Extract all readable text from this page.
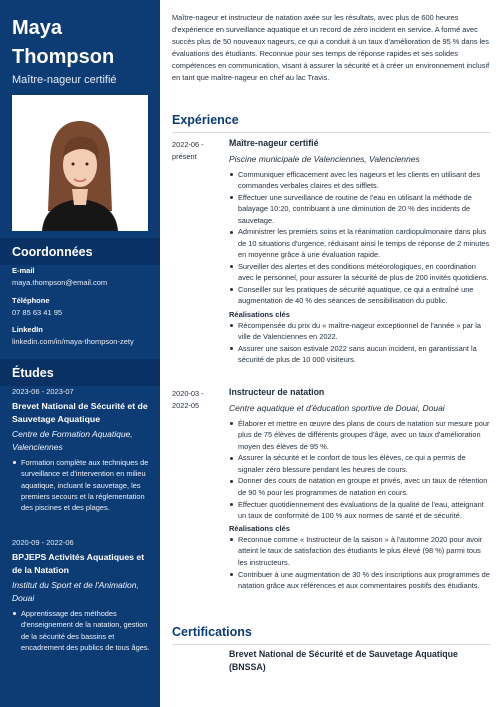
Maya
Thompson
Maître-nageur certifié
Coordonnées
E-mail
maya.thompson@email.com
Téléphone
07 85 63 41 95
LinkedIn
linkedin.com/in/maya-thompson-zety
Études
2023-06 - 2023-07
Brevet National de Sécurité et de Sauvetage Aquatique
Centre de Formation Aquatique, Valenciennes
Formation complète aux techniques de surveillance et d'intervention en milieu aquatique, incluant le sauvetage, les premiers secours et la réglementation des piscines et des plages.
2020-09 - 2022-06
BPJEPS Activités Aquatiques et de la Natation
Institut du Sport et de l'Animation, Douai
Apprentissage des méthodes d'enseignement de la natation, gestion de la sécurité des bassins et encadrement des publics de tous âges.
Maître-nageur et instructeur de natation axée sur les résultats, avec plus de 600 heures d'expérience en surveillance aquatique et un record de zéro incident en service. A formé avec succès plus de 50 nouveaux nageurs, ce qui a conduit à un taux d'amélioration de 95 % dans les évaluations des étudiants. Reconnue pour ses temps de réponse rapides et ses solides compétences en communication, visant à assurer la sécurité et à créer un environnement inclusif en tant que maître-nageur en chef au lac Travis.
Expérience
2022-06 - présent
Maître-nageur certifié
Piscine municipale de Valenciennes, Valenciennes
Communiquer efficacement avec les nageurs et les clients en utilisant des commandes verbales claires et des sifflets.
Effectuer une surveillance de routine de l'eau en utilisant la méthode de balayage 10:20, contribuant à une diminution de 20 % des incidents de sauvetage.
Administrer les premiers soins et la réanimation cardiopulmonaire dans plus de 10 situations d'urgence, réduisant ainsi le temps de réponse de 2 minutes en moyenne grâce à une évaluation rapide.
Surveiller des alertes et des conditions météorologiques, en coordination avec le personnel, pour assurer la sécurité de plus de 200 invités quotidiens.
Conseiller sur les pratiques de sécurité aquatique, ce qui a entraîné une augmentation de 40 % des séances de sensibilisation du public.
Réalisations clés
Récompensée du prix du « maître-nageur exceptionnel de l'année » par la ville de Valenciennes en 2022.
Assurer une saison estivale 2022 sans aucun incident, en garantissant la sécurité de plus de 10 000 visiteurs.
2020-03 - 2022-05
Instructeur de natation
Centre aquatique et d'éducation sportive de Douai, Douai
Élaborer et mettre en œuvre des plans de cours de natation sur mesure pour plus de 75 élèves de différents groupes d'âge, avec un taux d'amélioration moyen des élèves de 95 %.
Assurer la sécurité et le confort de tous les élèves, ce qui a permis de signaler zéro blessure pendant les heures de cours.
Donner des cours de natation en groupe et privés, avec un taux de rétention de 90 % pour les programmes de natation en cours.
Effectuer quotidiennement des évaluations de la qualité de l'eau, atteignant un taux de conformité de 100 % aux normes de santé et de sécurité.
Réalisations clés
Reconnue comme « Instructeur de la saison » à l'automne 2020 pour avoir atteint le taux de satisfaction des étudiants le plus élevé (98 %) parmi tous les instructeurs.
Contribuer à une augmentation de 30 % des inscriptions aux programmes de natation grâce aux références et aux commentaires positifs des étudiants.
Certifications
Brevet National de Sécurité et de Sauvetage Aquatique (BNSSA)
